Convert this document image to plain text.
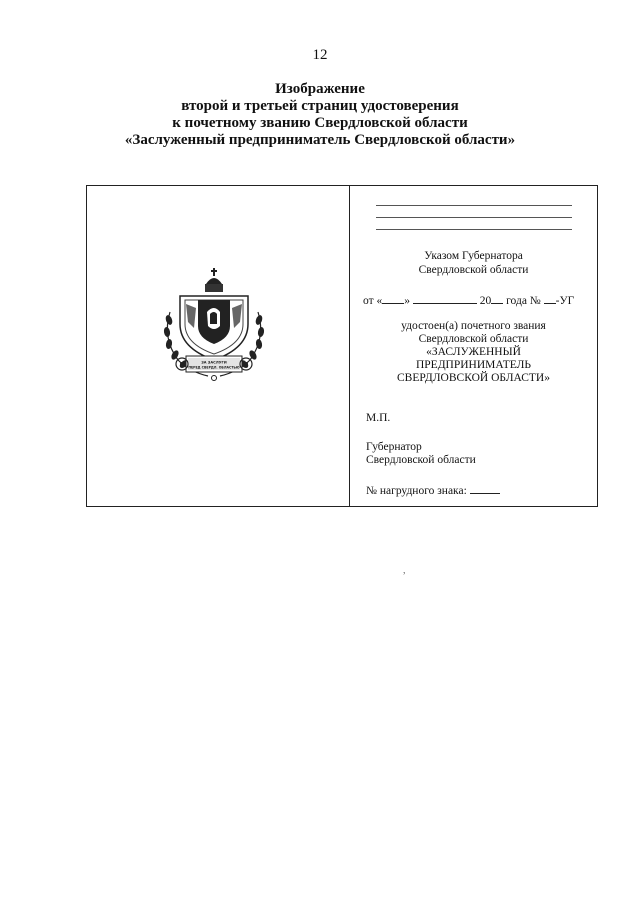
12
Изображение
второй и третьей страниц удостоверения
к почетному званию Свердловской области
«Заслуженный предприниматель Свердловской области»
ЗА ЗАСЛУГИ
ПЕРЕД СВЕРДЛ. ОБЛАСТЬЮ
Указом Губернатора
Свердловской области
от « »	20 года № -УГ
удостоен(а) почетного звания
Свердловской области
«ЗАСЛУЖЕННЫЙ
ПРЕДПРИНИМАТЕЛЬ
СВЕРДЛОВСКОЙ ОБЛАСТИ»
М.П.
Губернатор
Свердловской области
№ нагрудного знака:
,
